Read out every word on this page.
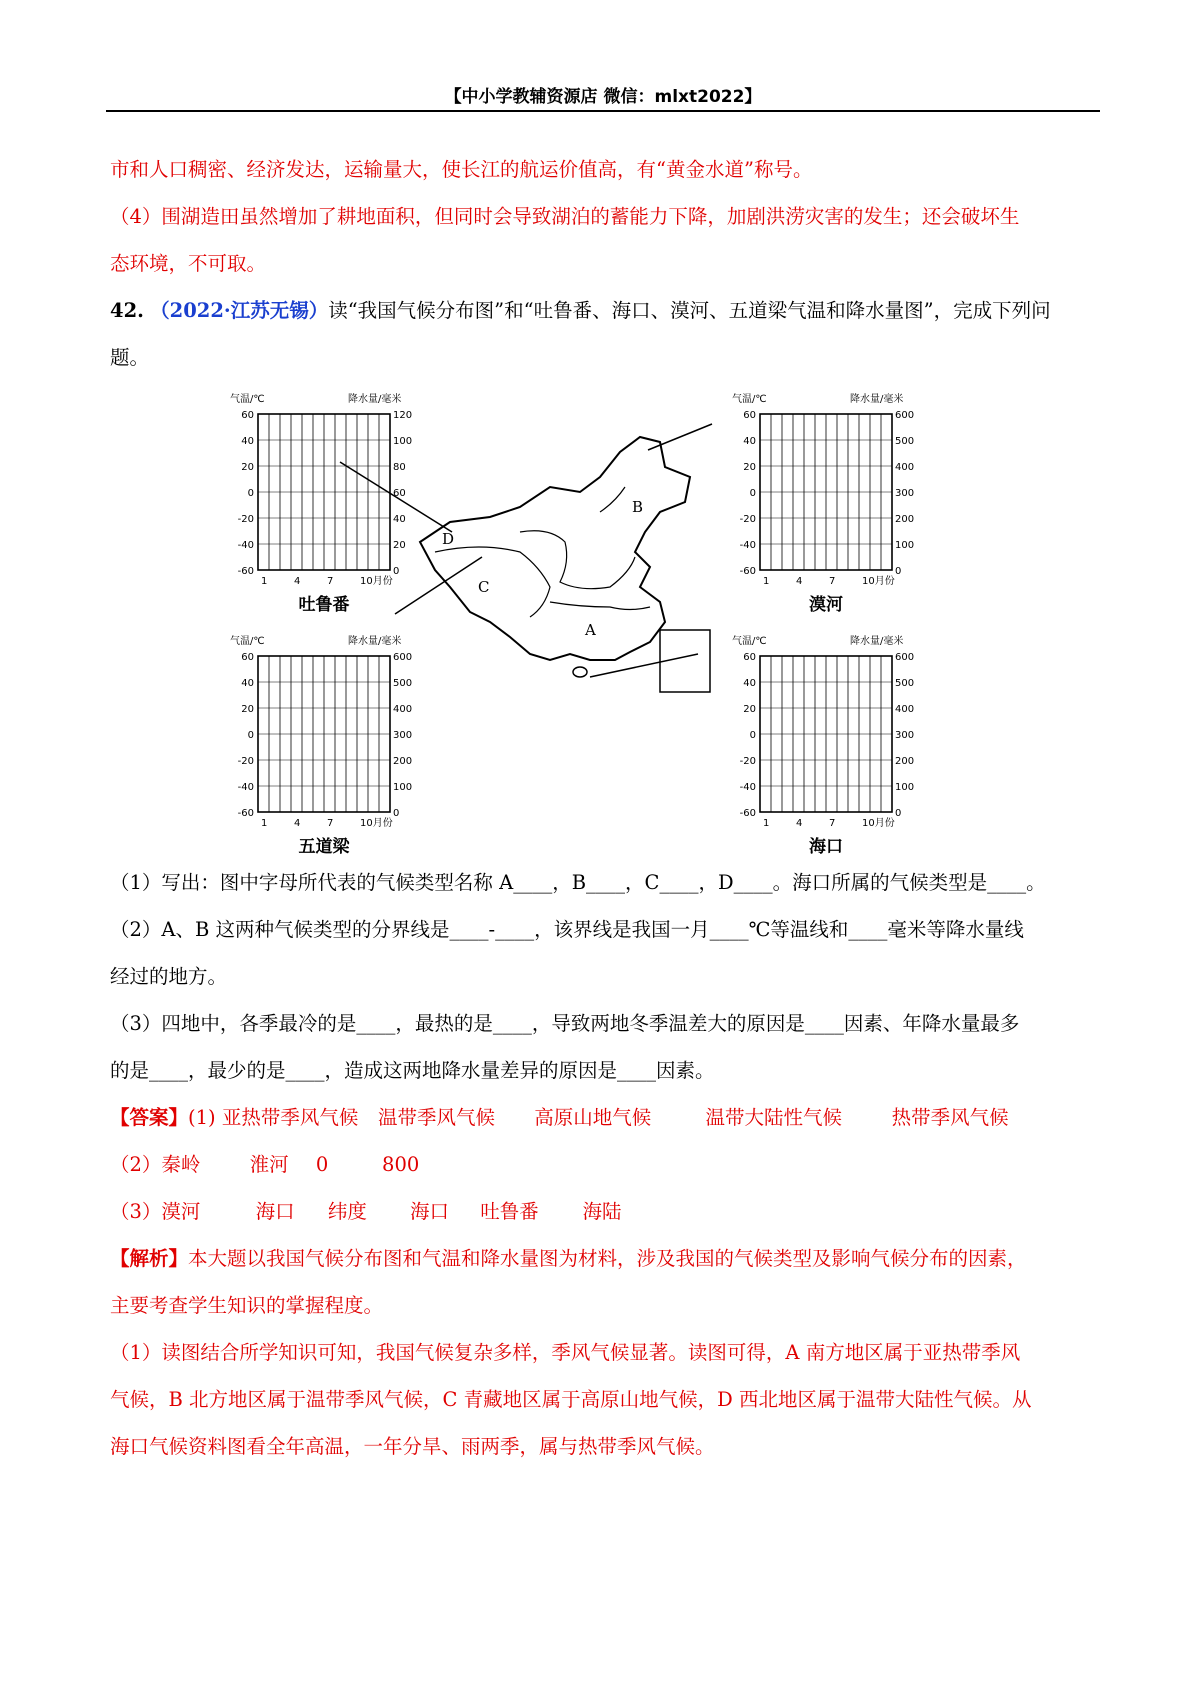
【中小学教辅资源店 微信：mlxt2022】
市和人口稠密、经济发达，运输量大，使长江的航运价值高，有“黄金水道”称号。
（4）围湖造田虽然增加了耕地面积，但同时会导致湖泊的蓄能力下降，加剧洪涝灾害的发生；还会破坏生
态环境，不可取。
42. （2022·江苏无锡）读“我国气候分布图”和“吐鲁番、海口、漠河、五道梁气温和降水量图”，完成下列问
题。
A
B
C
D
气温/℃	降水量/毫米
60
40
20
0
-20
-40
-60
120
100
80
60
40
20
0
1	4	7	10月份
吐鲁番
气温/℃	降水量/毫米
60
40
20
0
-20
-40
-60
600
500
400
300
200
100
0
1	4	7	10月份
漠河
气温/℃	降水量/毫米
60
40
20
0
-20
-40
-60
600
500
400
300
200
100
0
1	4	7	10月份
五道梁
气温/℃	降水量/毫米
60
40
20
0
-20
-40
-60
600
500
400
300
200
100
0
1	4	7	10月份
海口
（1）写出：图中字母所代表的气候类型名称 A____，B____，C____，D____。海口所属的气候类型是____。
（2）A、B 这两种气候类型的分界线是____-____，该界线是我国一月____℃等温线和____毫米等降水量线
经过的地方。
（3）四地中，各季最冷的是____，最热的是____，导致两地冬季温差大的原因是____因素、年降水量最多
的是____，最少的是____，造成这两地降水量差异的原因是____因素。
【答案】(1) 亚热带季风气候 温带季风气候 高原山地气候	温带大陆性气候	热带季风气候
（2）秦岭	淮河 0	800
（3）漠河	海口 纬度 海口 吐鲁番 海陆
【解析】本大题以我国气候分布图和气温和降水量图为材料，涉及我国的气候类型及影响气候分布的因素，
主要考查学生知识的掌握程度。
（1）读图结合所学知识可知，我国气候复杂多样，季风气候显著。读图可得，A 南方地区属于亚热带季风
气候，B 北方地区属于温带季风气候，C 青藏地区属于高原山地气候，D 西北地区属于温带大陆性气候。从
海口气候资料图看全年高温，一年分旱、雨两季，属与热带季风气候。
